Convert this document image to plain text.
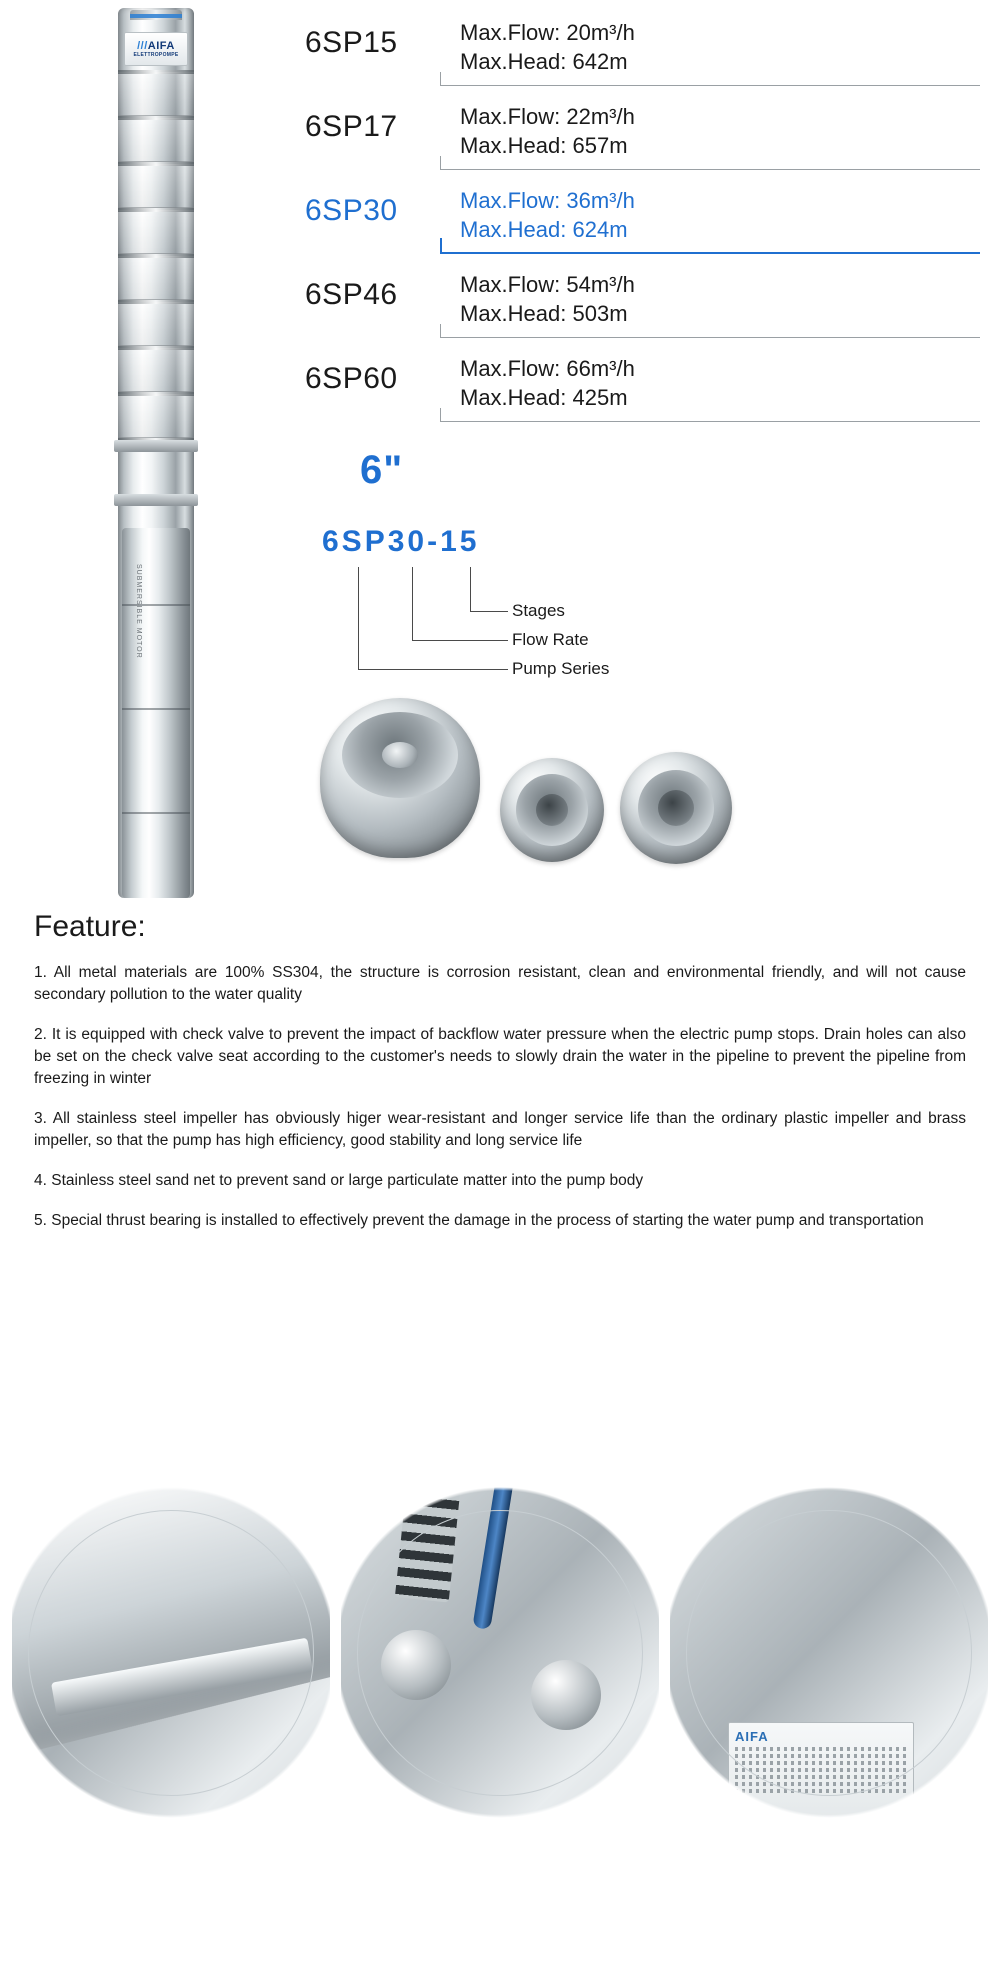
///AIFA
ELETTROPOMPE	6SP15	Max.Flow: 20m³/h
Max.Head: 642m
6SP17	Max.Flow: 22m³/h
Max.Head: 657m
6SP30	Max.Flow: 36m³/h
Max.Head: 624m
6SP46	Max.Flow: 54m³/h
Max.Head: 503m
6SP60	Max.Flow: 66m³/h
Max.Head: 425m
6"
6SP30-15
Stages
Flow Rate
Pump Series
Feature:

1. All metal materials are 100% SS304, the structure is corrosion resistant, clean and environmental friendly, and will not cause secondary pollution to the water quality

2. It is equipped with check valve to prevent the impact of backflow water pressure when the electric pump stops. Drain holes can also be set on the check valve seat according to the customer's needs to slowly drain the water in the pipeline to prevent the pipeline from freezing in winter

3. All stainless steel impeller has obviously higer wear-resistant and longer service life than the ordinary plastic impeller and brass impeller, so that the pump has high efficiency, good stability and long service life

4. Stainless steel sand net to prevent sand or large particulate matter into the pump body

5. Special thrust bearing is installed to effectively prevent the damage in the process of starting the water pump and transportation
